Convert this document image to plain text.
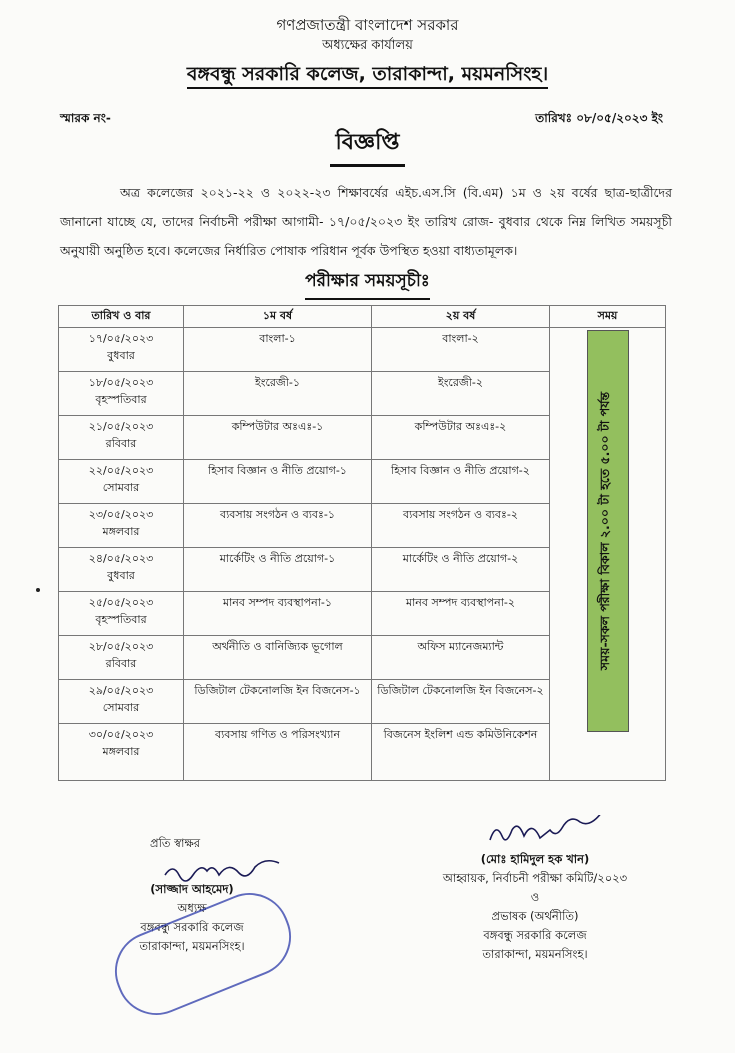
গণপ্রজাতন্ত্রী বাংলাদেশ সরকার
অধ্যক্ষের কার্যালয়
বঙ্গবন্ধু সরকারি কলেজ, তারাকান্দা, ময়মনসিংহ।
স্মারক নং-	তারিখঃ ০৮/০৫/২০২৩ ইং
বিজ্ঞপ্তি
অত্র কলেজের ২০২১-২২ ও ২০২২-২৩ শিক্ষাবর্ষের এইচ.এস.সি (বি.এম) ১ম ও ২য় বর্ষের ছাত্র-ছাত্রীদের জানানো যাচ্ছে যে, তাদের নির্বাচনী পরীক্ষা আগামী- ১৭/০৫/২০২৩ ইং তারিখ রোজ- বুধবার থেকে নিম্ন লিখিত সময়সূচী অনুযায়ী অনুষ্ঠিত হবে। কলেজের নির্ধারিত পোষাক পরিধান পূর্বক উপস্থিত হওয়া বাধ্যতামূলক।
পরীক্ষার সময়সূচীঃ
তারিখ ও বার	১ম বর্ষ	২য় বর্ষ	সময়

১৭/০৫/২০২৩
বুধবার	বাংলা-১	বাংলা-২	সময়-সকল পরীক্ষা বিকাল ২.০০ টা হতে ৫.০০ টা পর্যন্ত

১৮/০৫/২০২৩
বৃহস্পতিবার	ইংরেজী-১	ইংরেজী-২	

২১/০৫/২০২৩
রবিবার	কম্পিউটার অঃএঃ-১	কম্পিউটার অঃএঃ-২	

২২/০৫/২০২৩
সোমবার	হিসাব বিজ্ঞান ও নীতি প্রয়োগ-১	হিসাব বিজ্ঞান ও নীতি প্রয়োগ-২	

২৩/০৫/২০২৩
মঙ্গলবার	ব্যবসায় সংগঠন ও ব্যবঃ-১	ব্যবসায় সংগঠন ও ব্যবঃ-২	

২৪/০৫/২০২৩
বুধবার	মার্কেটিং ও নীতি প্রয়োগ-১	মার্কেটিং ও নীতি প্রয়োগ-২	

২৫/০৫/২০২৩
বৃহস্পতিবার	মানব সম্পদ ব্যবস্থাপনা-১	মানব সম্পদ ব্যবস্থাপনা-২	

২৮/০৫/২০২৩
রবিবার	অর্থনীতি ও বানিজ্যিক ভূগোল	অফিস ম্যানেজম্যান্ট	

২৯/০৫/২০২৩
সোমবার	ডিজিটাল টেকনোলজি ইন বিজনেস-১	ডিজিটাল টেকনোলজি ইন বিজনেস-২	

৩০/০৫/২০২৩
মঙ্গলবার	ব্যবসায় গণিত ও পরিসংখ্যান	বিজনেস ইংলিশ এন্ড কমিউনিকেশন	
প্রতি স্বাক্ষর
(সাজ্জাদ আহমেদ)
অধ্যক্ষ
বঙ্গবন্ধু সরকারি কলেজ
তারাকান্দা, ময়মনসিংহ।
(মোঃ হামিদুল হক খান)
আহ্বায়ক, নির্বাচনী পরীক্ষা কমিটি/২০২৩
ও
প্রভাষক (অর্থনীতি)
বঙ্গবন্ধু সরকারি কলেজ
তারাকান্দা, ময়মনসিংহ।
